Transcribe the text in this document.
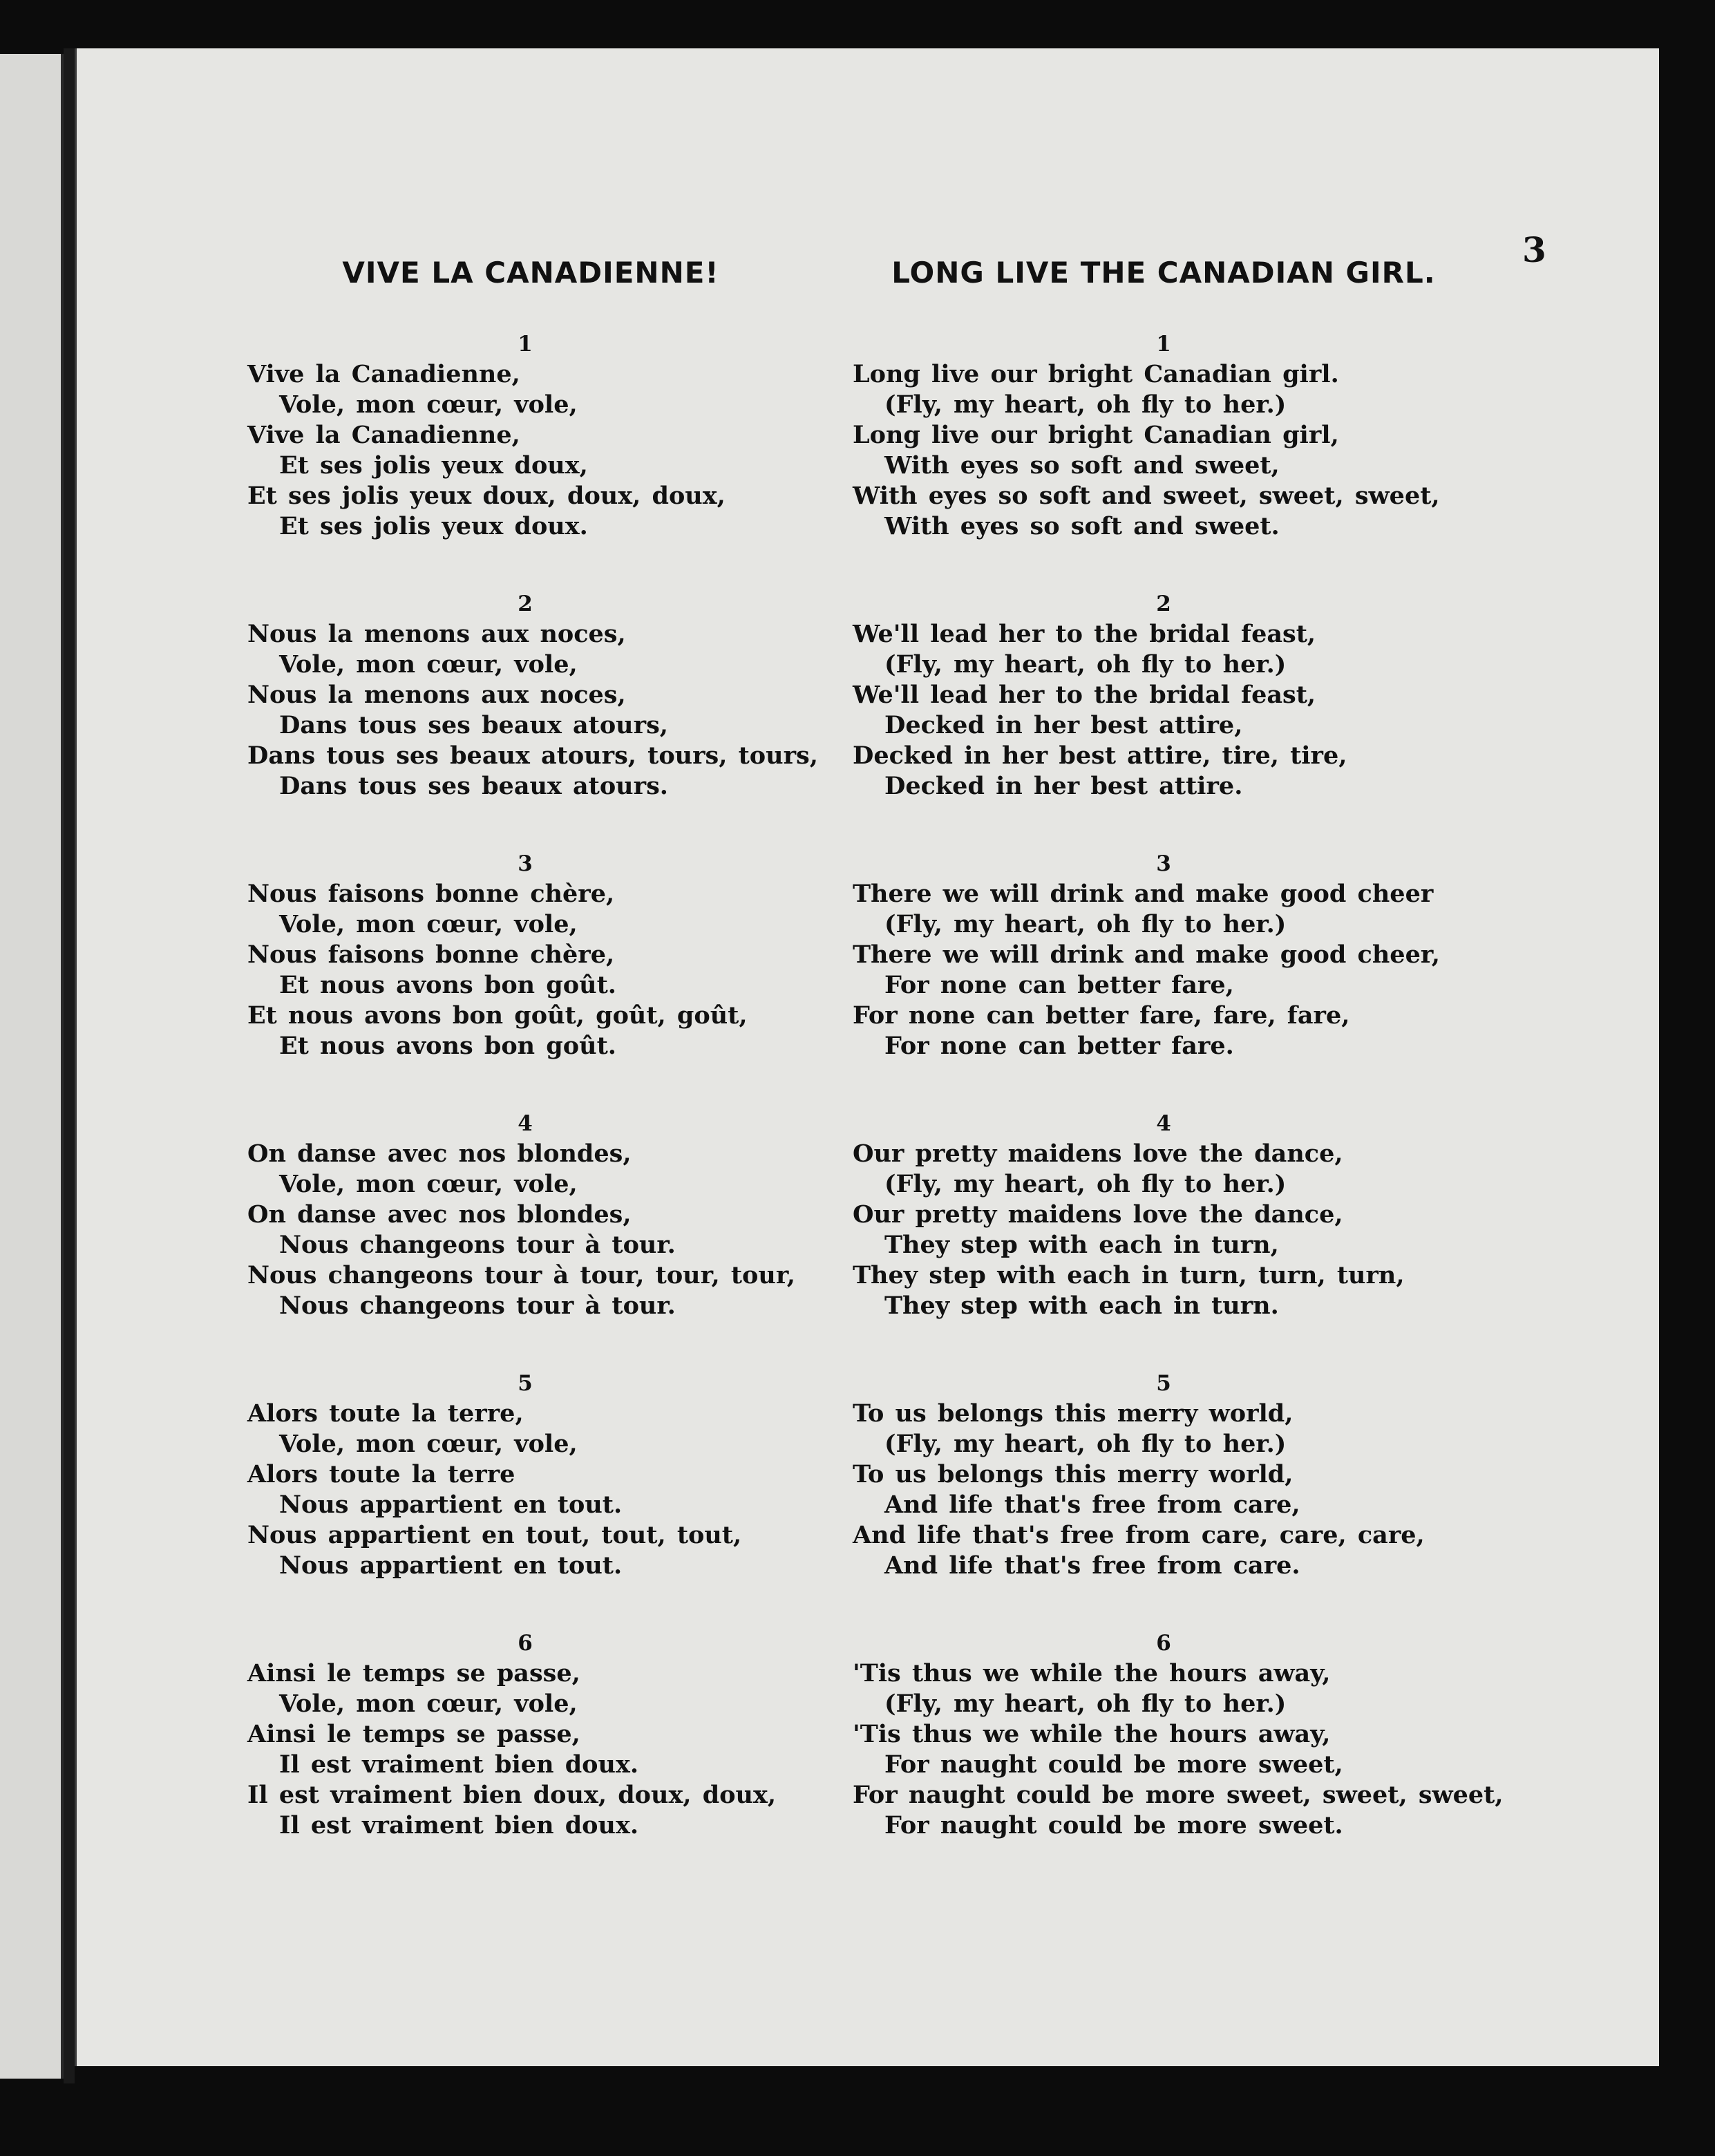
3
VIVE LA CANADIENNE!
1
Vive la Canadienne,
Vole, mon cœur, vole,
Vive la Canadienne,
Et ses jolis yeux doux,
Et ses jolis yeux doux, doux, doux,
Et ses jolis yeux doux.
2
Nous la menons aux noces,
Vole, mon cœur, vole,
Nous la menons aux noces,
Dans tous ses beaux atours,
Dans tous ses beaux atours, tours, tours,
Dans tous ses beaux atours.
3
Nous faisons bonne chère,
Vole, mon cœur, vole,
Nous faisons bonne chère,
Et nous avons bon goût.
Et nous avons bon goût, goût, goût,
Et nous avons bon goût.
4
On danse avec nos blondes,
Vole, mon cœur, vole,
On danse avec nos blondes,
Nous changeons tour à tour.
Nous changeons tour à tour, tour, tour,
Nous changeons tour à tour.
5
Alors toute la terre,
Vole, mon cœur, vole,
Alors toute la terre
Nous appartient en tout.
Nous appartient en tout, tout, tout,
Nous appartient en tout.
6
Ainsi le temps se passe,
Vole, mon cœur, vole,
Ainsi le temps se passe,
Il est vraiment bien doux.
Il est vraiment bien doux, doux, doux,
Il est vraiment bien doux.
LONG LIVE THE CANADIAN GIRL.
1
Long live our bright Canadian girl.
(Fly, my heart, oh fly to her.)
Long live our bright Canadian girl,
With eyes so soft and sweet,
With eyes so soft and sweet, sweet, sweet,
With eyes so soft and sweet.
2
We'll lead her to the bridal feast,
(Fly, my heart, oh fly to her.)
We'll lead her to the bridal feast,
Decked in her best attire,
Decked in her best attire, tire, tire,
Decked in her best attire.
3
There we will drink and make good cheer
(Fly, my heart, oh fly to her.)
There we will drink and make good cheer,
For none can better fare,
For none can better fare, fare, fare,
For none can better fare.
4
Our pretty maidens love the dance,
(Fly, my heart, oh fly to her.)
Our pretty maidens love the dance,
They step with each in turn,
They step with each in turn, turn, turn,
They step with each in turn.
5
To us belongs this merry world,
(Fly, my heart, oh fly to her.)
To us belongs this merry world,
And life that's free from care,
And life that's free from care, care, care,
And life that's free from care.
6
'Tis thus we while the hours away,
(Fly, my heart, oh fly to her.)
'Tis thus we while the hours away,
For naught could be more sweet,
For naught could be more sweet, sweet, sweet,
For naught could be more sweet.
